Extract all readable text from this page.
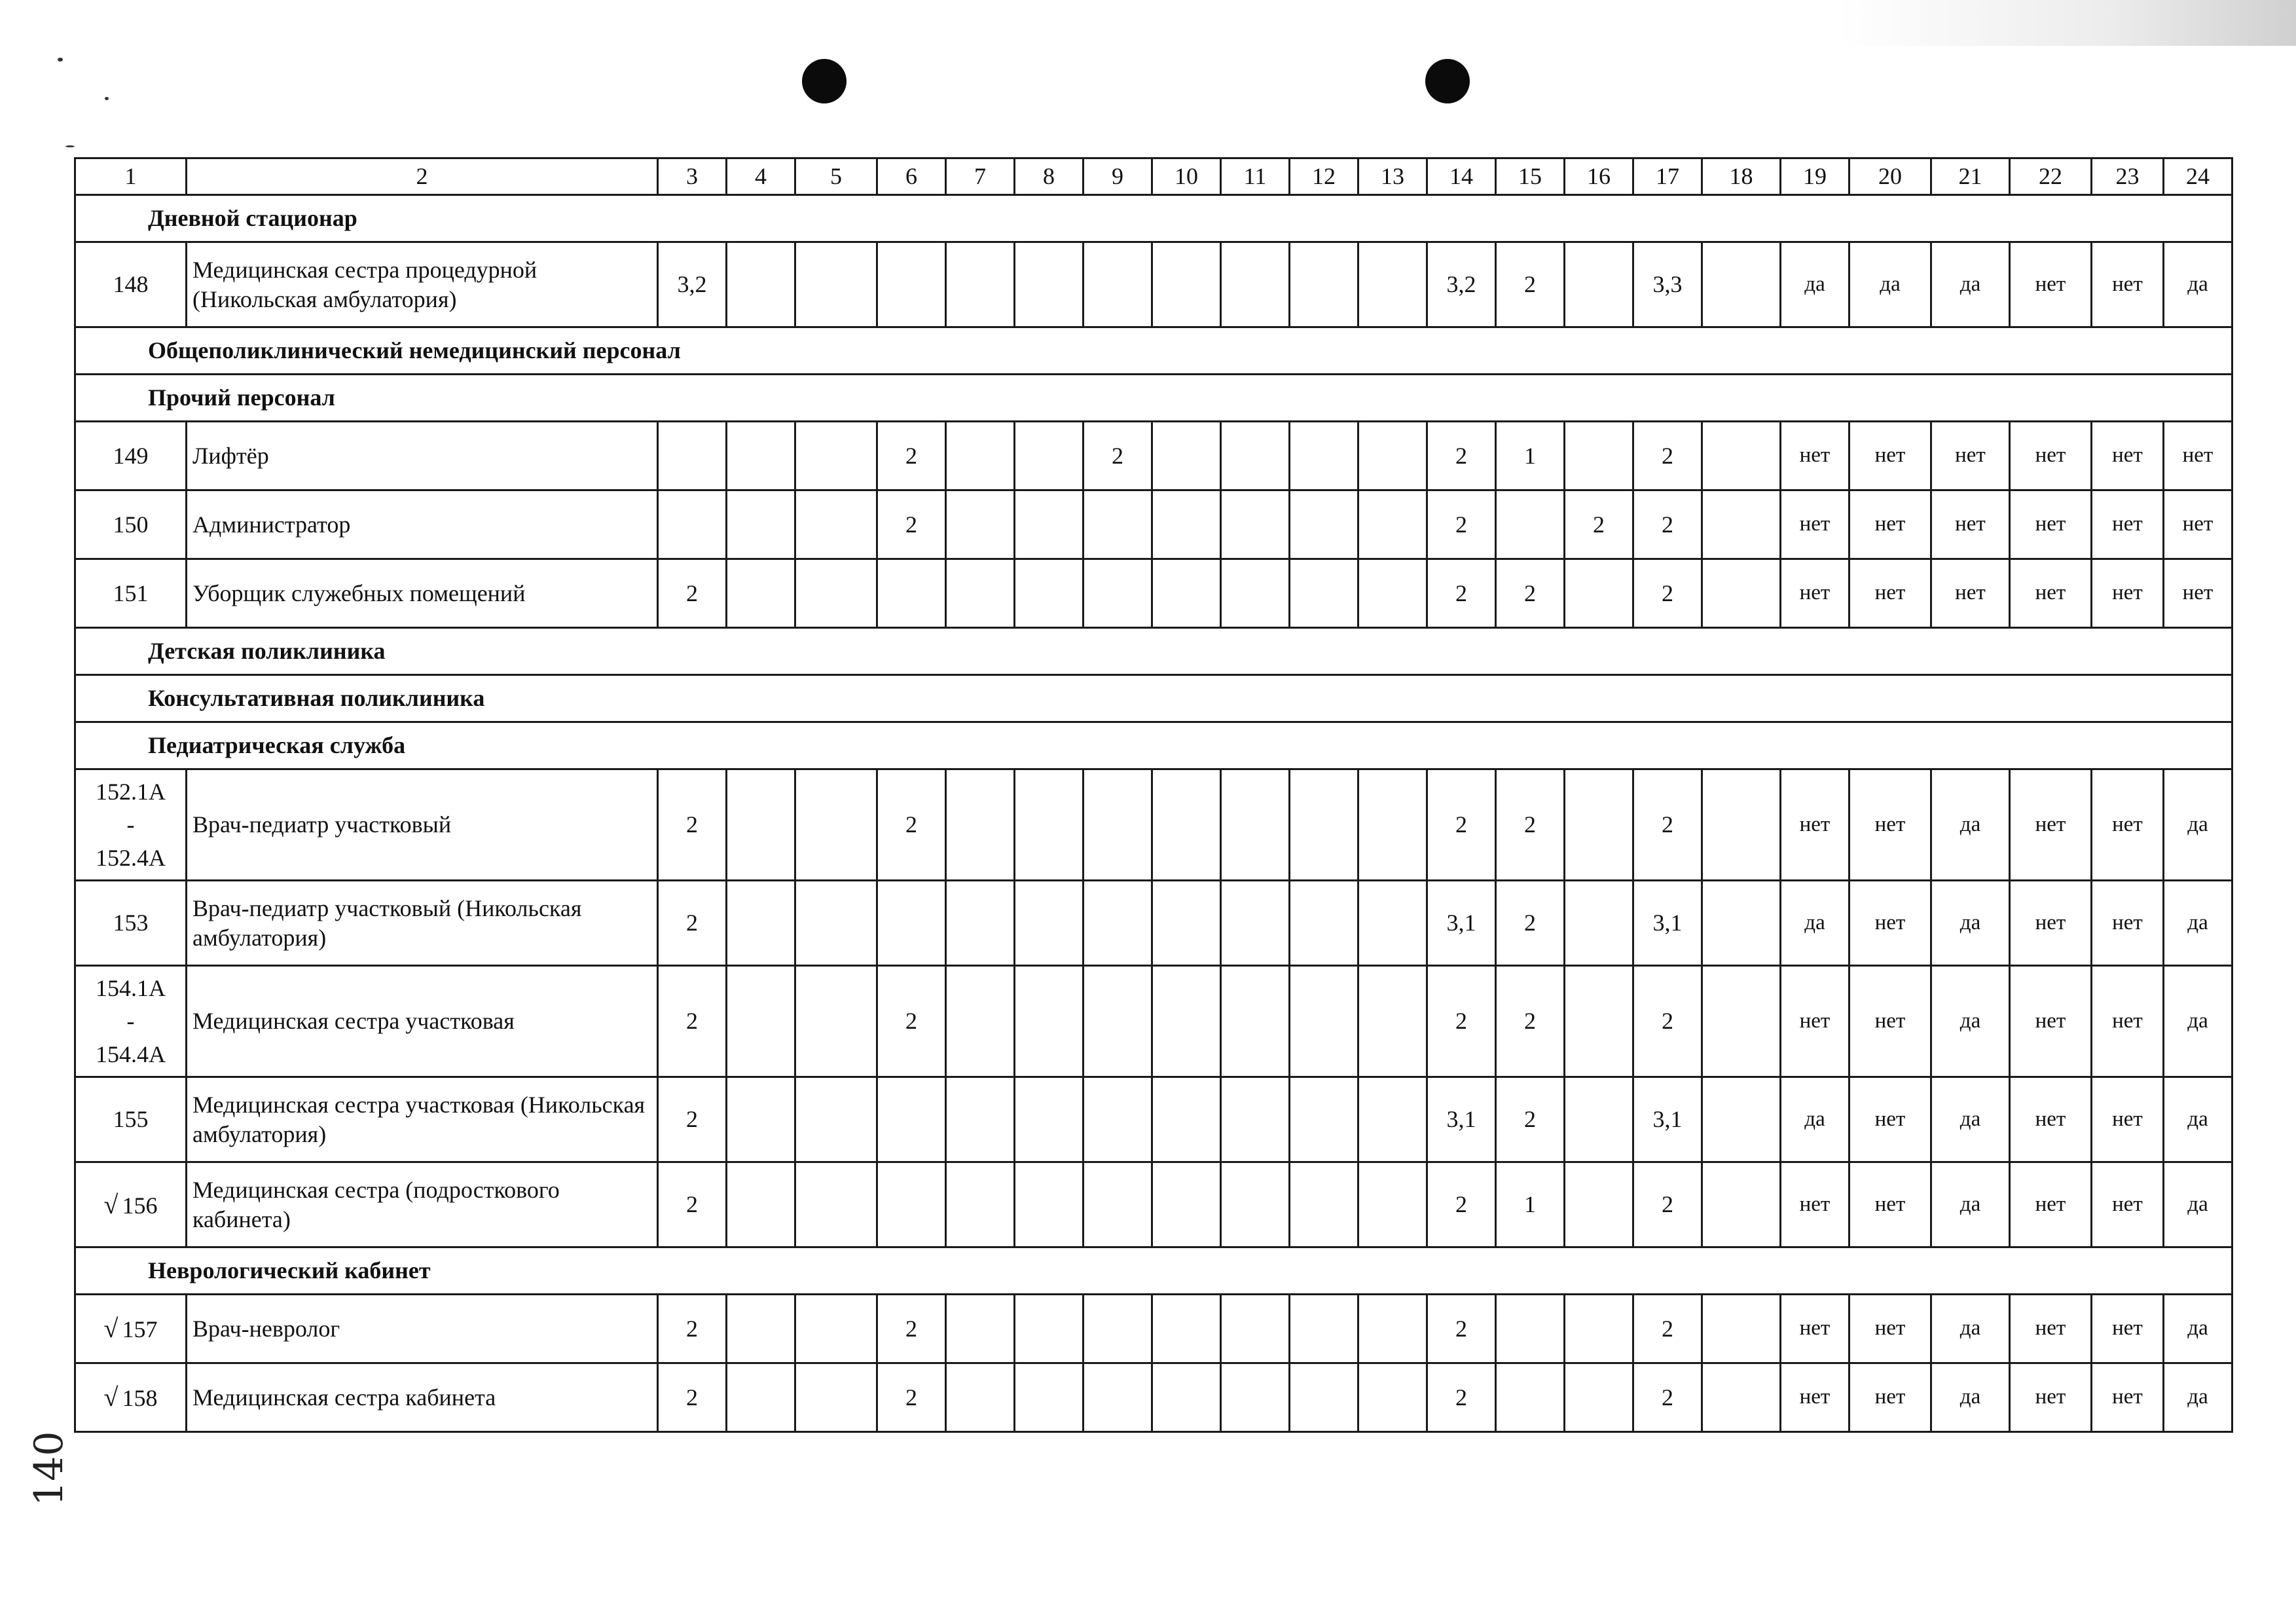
1	2	3	4	5	6	7	8	9	10	11	12	13	14	15	16	17	18	19	20	21	22	23	24
Дневной стационар																							
148	Медицинская сестра процедурной (Никольская амбулатория)	3,2											3,2	2		3,3		да	да	да	нет	нет	да
Общеполиклинический немедицинский персонал																							
Прочий персонал																							
149	Лифтёр				2			2					2	1		2		нет	нет	нет	нет	нет	нет
150	Администратор				2								2		2	2		нет	нет	нет	нет	нет	нет
151	Уборщик служебных помещений	2											2	2		2		нет	нет	нет	нет	нет	нет
Детская поликлиника																							
Консультативная поликлиника																							
Педиатрическая служба																							
152.1А
-
152.4А	Врач-педиатр участковый	2			2								2	2		2		нет	нет	да	нет	нет	да
153	Врач-педиатр участковый (Никольская амбулатория)	2											3,1	2		3,1		да	нет	да	нет	нет	да
154.1А
-
154.4А	Медицинская сестра участковая	2			2								2	2		2		нет	нет	да	нет	нет	да
155	Медицинская сестра участковая (Никольская амбулатория)	2											3,1	2		3,1		да	нет	да	нет	нет	да
√ 156	Медицинская сестра (подросткового кабинета)	2											2	1		2		нет	нет	да	нет	нет	да
Неврологический кабинет																							
√ 157	Врач-невролог	2			2								2			2		нет	нет	да	нет	нет	да
√ 158	Медицинская сестра кабинета	2			2								2			2		нет	нет	да	нет	нет	да
140
